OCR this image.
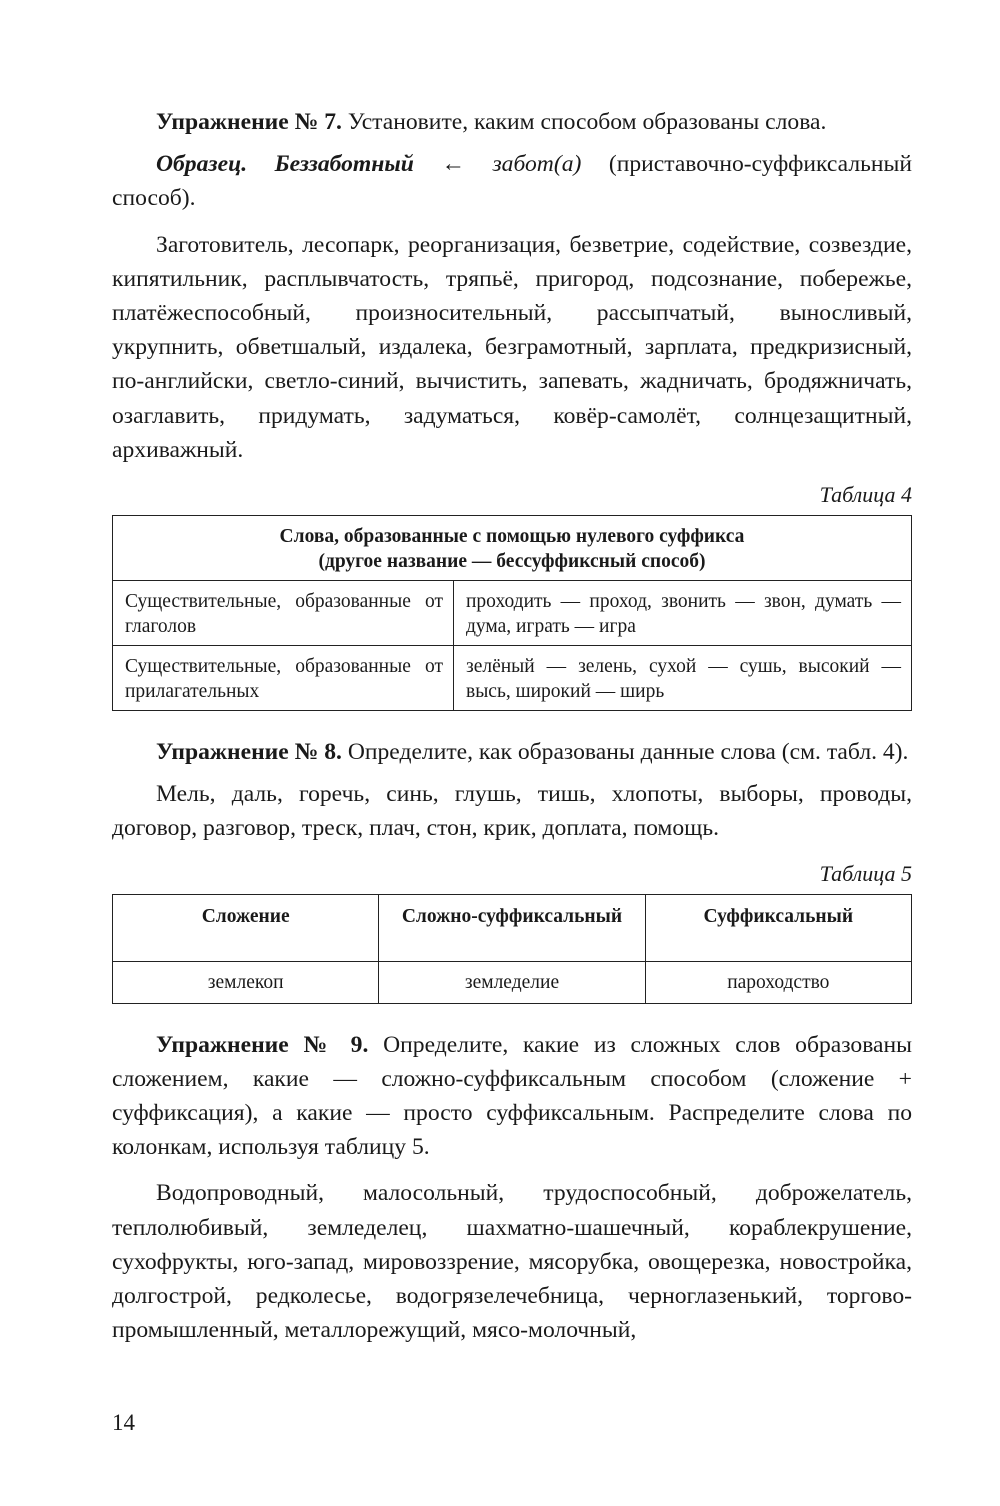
Упражнение № 7. Установите, каким способом образованы слова.

Образец. Беззаботный ← забот(а) (приставочно-суффиксальный способ).

Заготовитель, лесопарк, реорганизация, безветрие, содействие, созвездие, кипятильник, расплывчатость, тряпьё, пригород, подсознание, побережье, платёжеспособный, произносительный, рассыпчатый, выносливый, укрупнить, обветшалый, издалека, безграмотный, зарплата, предкризисный, по-английски, светло-синий, вычистить, запевать, жадничать, бродяжничать, озаглавить, придумать, задуматься, ковёр-самолёт, солнцезащитный, архиважный.

Таблица 4
Слова, образованные с помощью нулевого суффикса
(другое название — бессуффиксный способ)	

Существительные, образованные от глаголов	проходить — проход, звонить — звон, думать — дума, играть — игра
Существительные, образованные от прилагательных	зелёный — зелень, сухой — сушь, высокий — высь, широкий — ширь

Упражнение № 8. Определите, как образованы данные слова (см. табл. 4).

Мель, даль, горечь, синь, глушь, тишь, хлопоты, выборы, проводы, договор, разговор, треск, плач, стон, крик, доплата, помощь.

Таблица 5
Сложение	Сложно-суффиксальный	Суффиксальный
землекоп	земледелие	пароходство

Упражнение № 9. Определите, какие из сложных слов образованы сложением, какие — сложно-суффиксальным способом (сложение + суффиксация), а какие — просто суффиксальным. Распределите слова по колонкам, используя таблицу 5.

Водопроводный, малосольный, трудоспособный, доброжелатель, теплолюбивый, земледелец, шахматно-шашечный, кораблекрушение, сухофрукты, юго-запад, мировоззрение, мясорубка, овощерезка, новостройка, долгострой, редколесье, водогрязелечебница, черноглазенький, торгово-промышленный, металлорежущий, мясо-молочный,

14
